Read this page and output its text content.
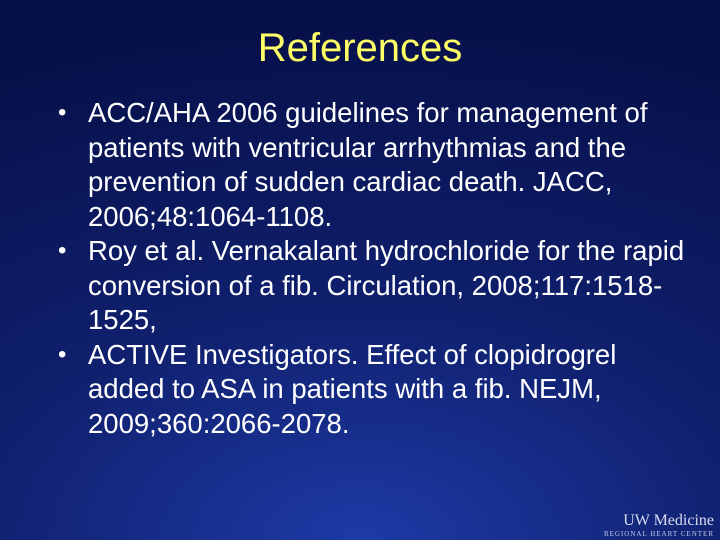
References
• ACC/AHA 2006 guidelines for management of patients with ventricular arrhythmias and the prevention of sudden cardiac death. JACC, 2006;48:1064-1108.
• Roy et al. Vernakalant hydrochloride for the rapid conversion of a fib. Circulation, 2008;117:1518-1525,
• ACTIVE Investigators. Effect of clopidrogrel added to ASA in patients with a fib. NEJM, 2009;360:2066-2078.
UW Medicine
REGIONAL HEART CENTER
